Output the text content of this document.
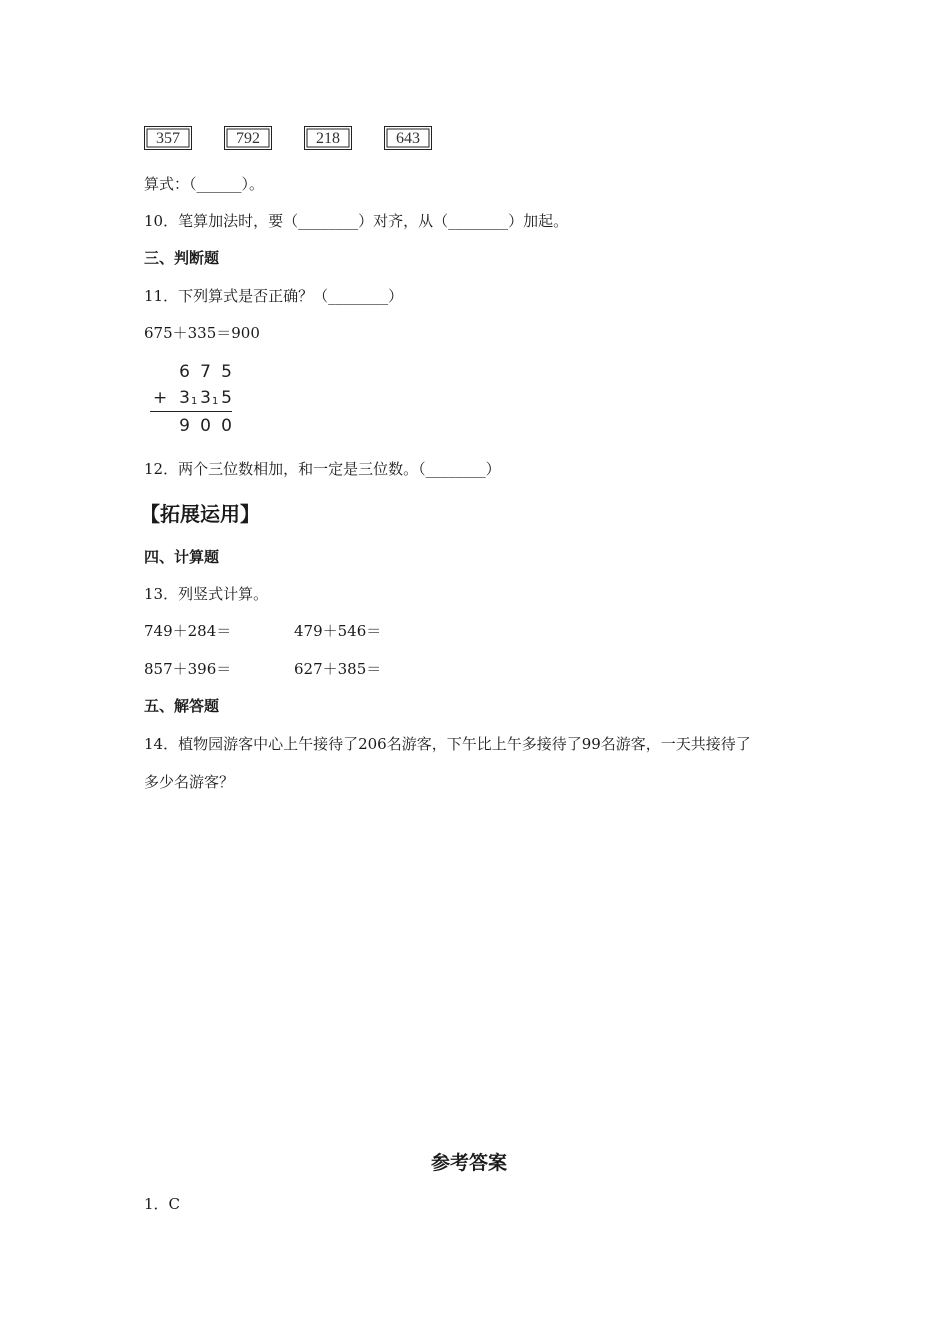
357	792	218	643
算式：（______）。
10．笔算加法时，要（________）对齐，从（________）加起。
三、判断题
11．下列算式是否正确？（________）
675＋335＝900
6 7 5
+ 3 1 3 1 5
9 0 0
12．两个三位数相加，和一定是三位数。（________）
【拓展运用】
四、计算题
13．列竖式计算。
749＋284＝	479＋546＝
857＋396＝	627＋385＝
五、解答题
14．植物园游客中心上午接待了206名游客，下午比上午多接待了99名游客，一天共接待了
多少名游客？
参考答案
1．C
